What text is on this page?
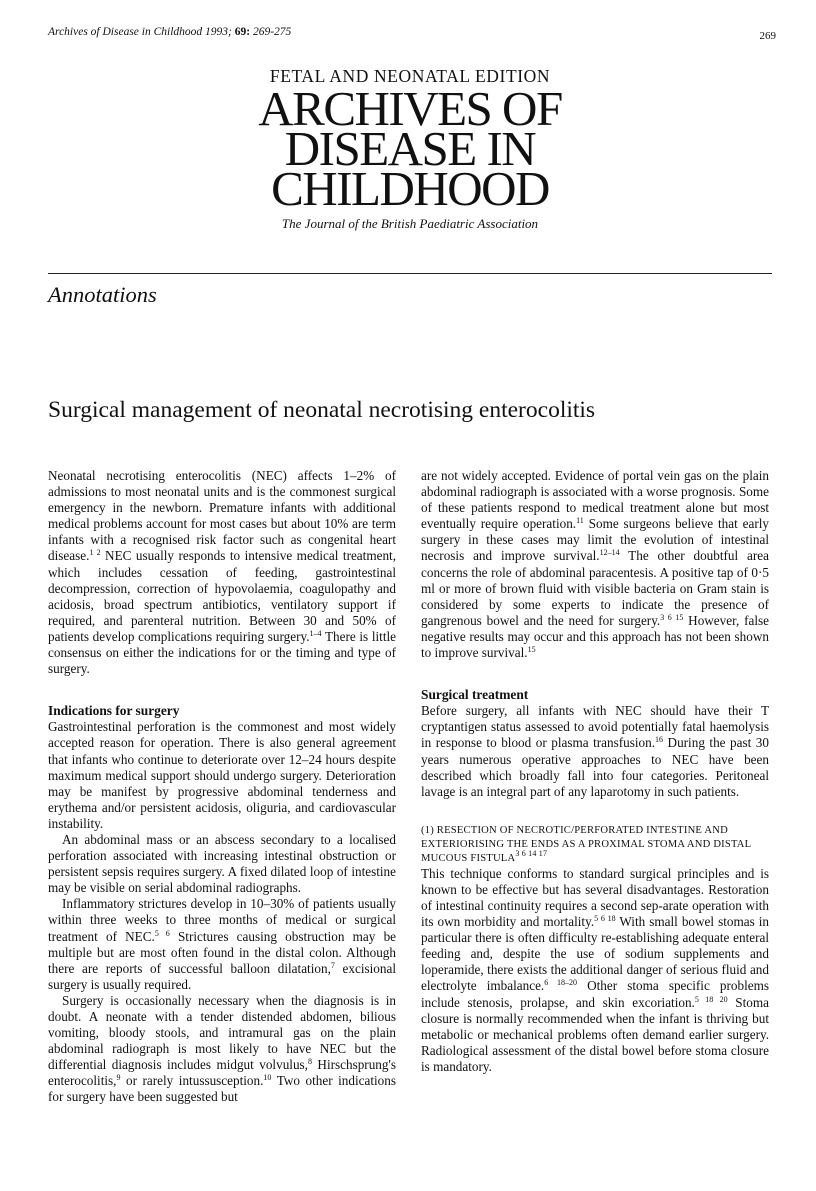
Archives of Disease in Childhood 1993; 69: 269-275	269
FETAL AND NEONATAL EDITION
ARCHIVES OF
DISEASE IN
CHILDHOOD
The Journal of the British Paediatric Association
Annotations
Surgical management of neonatal necrotising enterocolitis

Neonatal necrotising enterocolitis (NEC) affects 1–2% of admissions to most neonatal units and is the commonest surgical emergency in the newborn. Premature infants with additional medical problems account for most cases but about 10% are term infants with a recognised risk factor such as congenital heart disease.$^{1 2}$ NEC usually responds to intensive medical treatment, which includes cessation of feeding, gastrointestinal decompression, correction of hypovolaemia, coagulopathy and acidosis, broad spectrum antibiotics, ventilatory support if required, and parenteral nutrition. Between 30 and 50% of patients develop complications requiring surgery.$^{1-4}$ There is little consensus on either the indications for or the timing and type of surgery.

Indications for surgery

Gastrointestinal perforation is the commonest and most widely accepted reason for operation. There is also general agreement that infants who continue to deteriorate over 12–24 hours despite maximum medical support should undergo surgery. Deterioration may be manifest by progressive abdominal tenderness and erythema and/or persistent acidosis, oliguria, and cardiovascular instability.

An abdominal mass or an abscess secondary to a localised perforation associated with increasing intestinal obstruction or persistent sepsis requires surgery. A fixed dilated loop of intestine may be visible on serial abdominal radiographs.

Inflammatory strictures develop in 10–30% of patients usually within three weeks to three months of medical or surgical treatment of NEC.$^{5 6}$ Strictures causing obstruction may be multiple but are most often found in the distal colon. Although there are reports of successful balloon dilatation,$^7$ excisional surgery is usually required.

Surgery is occasionally necessary when the diagnosis is in doubt. A neonate with a tender distended abdomen, bilious vomiting, bloody stools, and intramural gas on the plain abdominal radiograph is most likely to have NEC but the differential diagnosis includes midgut volvulus,$^8$ Hirschsprung's enterocolitis,$^9$ or rarely intussusception.$^{10}$ Two other indications for surgery have been suggested but

are not widely accepted. Evidence of portal vein gas on the plain abdominal radiograph is associated with a worse prognosis. Some of these patients respond to medical treatment alone but most eventually require operation.$^{11}$ Some surgeons believe that early surgery in these cases may limit the evolution of intestinal necrosis and improve survival.$^{12-14}$ The other doubtful area concerns the role of abdominal paracentesis. A positive tap of 0·5 ml or more of brown fluid with visible bacteria on Gram stain is considered by some experts to indicate the presence of gangrenous bowel and the need for surgery.$^{3 6 15}$ However, false negative results may occur and this approach has not been shown to improve survival.$^{15}$

Surgical treatment

Before surgery, all infants with NEC should have their T cryptantigen status assessed to avoid potentially fatal haemolysis in response to blood or plasma transfusion.$^{16}$ During the past 30 years numerous operative approaches to NEC have been described which broadly fall into four categories. Peritoneal lavage is an integral part of any laparotomy in such patients.

(1) RESECTION OF NECROTIC/PERFORATED INTESTINE AND EXTERIORISING THE ENDS AS A PROXIMAL STOMA AND DISTAL MUCOUS $FISTULA^{3 6 14 17}$

This technique conforms to standard surgical principles and is known to be effective but has several disadvantages. Restoration of intestinal continuity requires a second sep-arate operation with its own morbidity and mortality.$^{5 6 18}$ With small bowel stomas in particular there is often difficulty re-establishing adequate enteral feeding and, despite the use of sodium supplements and loperamide, there exists the additional danger of serious fluid and electrolyte imbalance.$^{6 18-20}$ Other stoma specific problems include stenosis, prolapse, and skin excoriation.$^{5 18 20}$ Stoma closure is normally recommended when the infant is thriving but metabolic or mechanical problems often demand earlier surgery. Radiological assessment of the distal bowel before stoma closure is mandatory.
